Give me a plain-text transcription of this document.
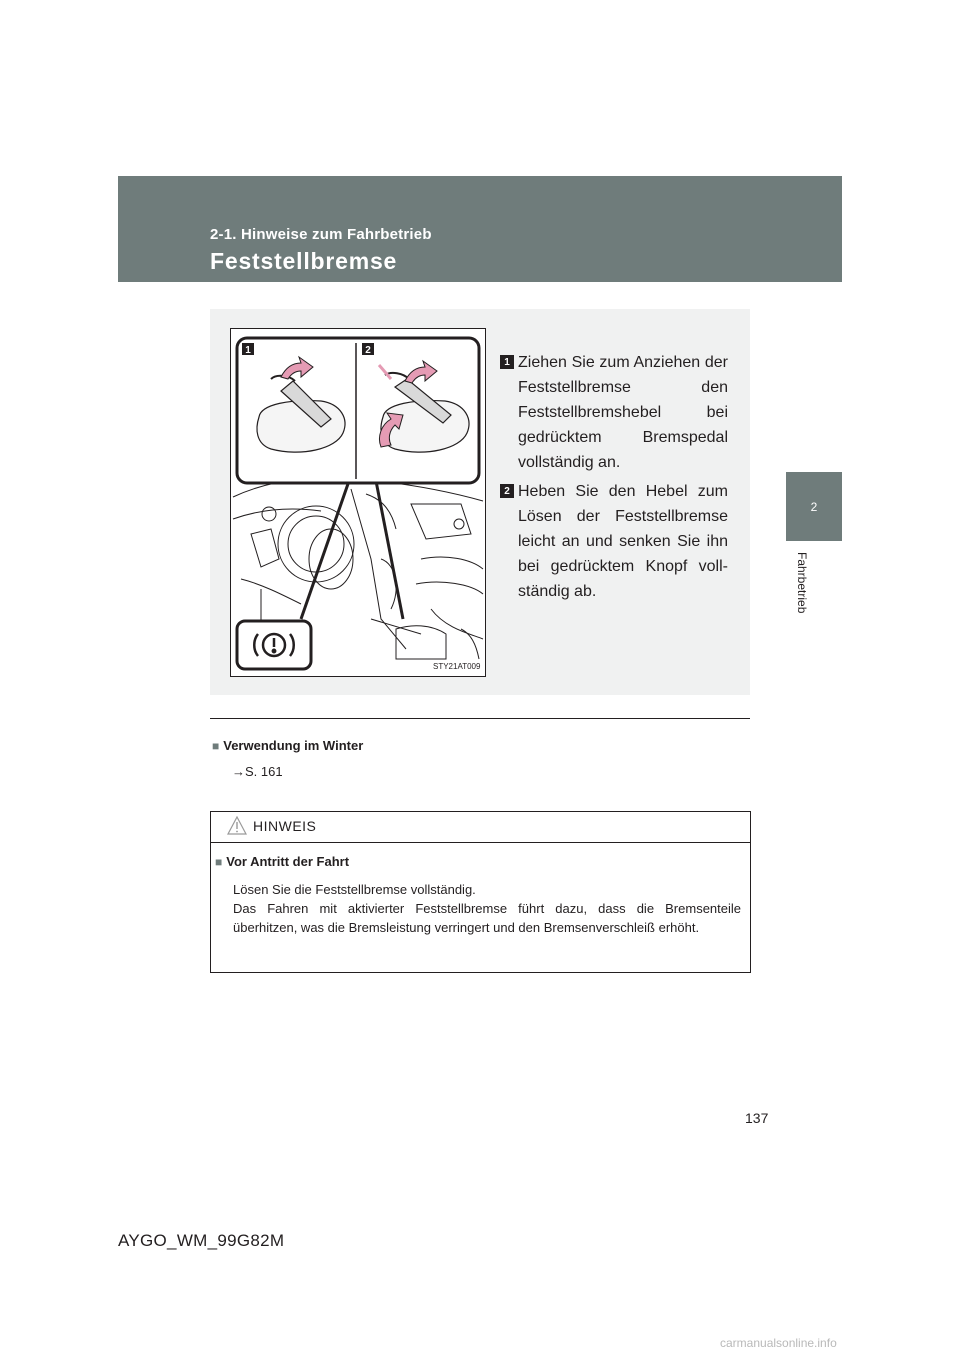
2-1. Hinweise zum Fahrbetrieb
Feststellbremse
2
Fahrbetrieb
1	2
STY21AT009
1 Ziehen Sie zum Anziehen der Feststellbremse den Feststellbremshebel bei gedrücktem Bremspedal vollständig an.
2 Heben Sie den Hebel zum Lösen der Feststellbremse leicht an und senken Sie ihn bei gedrücktem Knopf vollständig ab.
■ Verwendung im Winter
→S. 161
HINWEIS
■ Vor Antritt der Fahrt
Lösen Sie die Feststellbremse vollständig.
Das Fahren mit aktivierter Feststellbremse führt dazu, dass die Bremsenteile überhitzen, was die Bremsleistung verringert und den Bremsenverschleiß erhöht.
137
AYGO_WM_99G82M
carmanualsonline.info
